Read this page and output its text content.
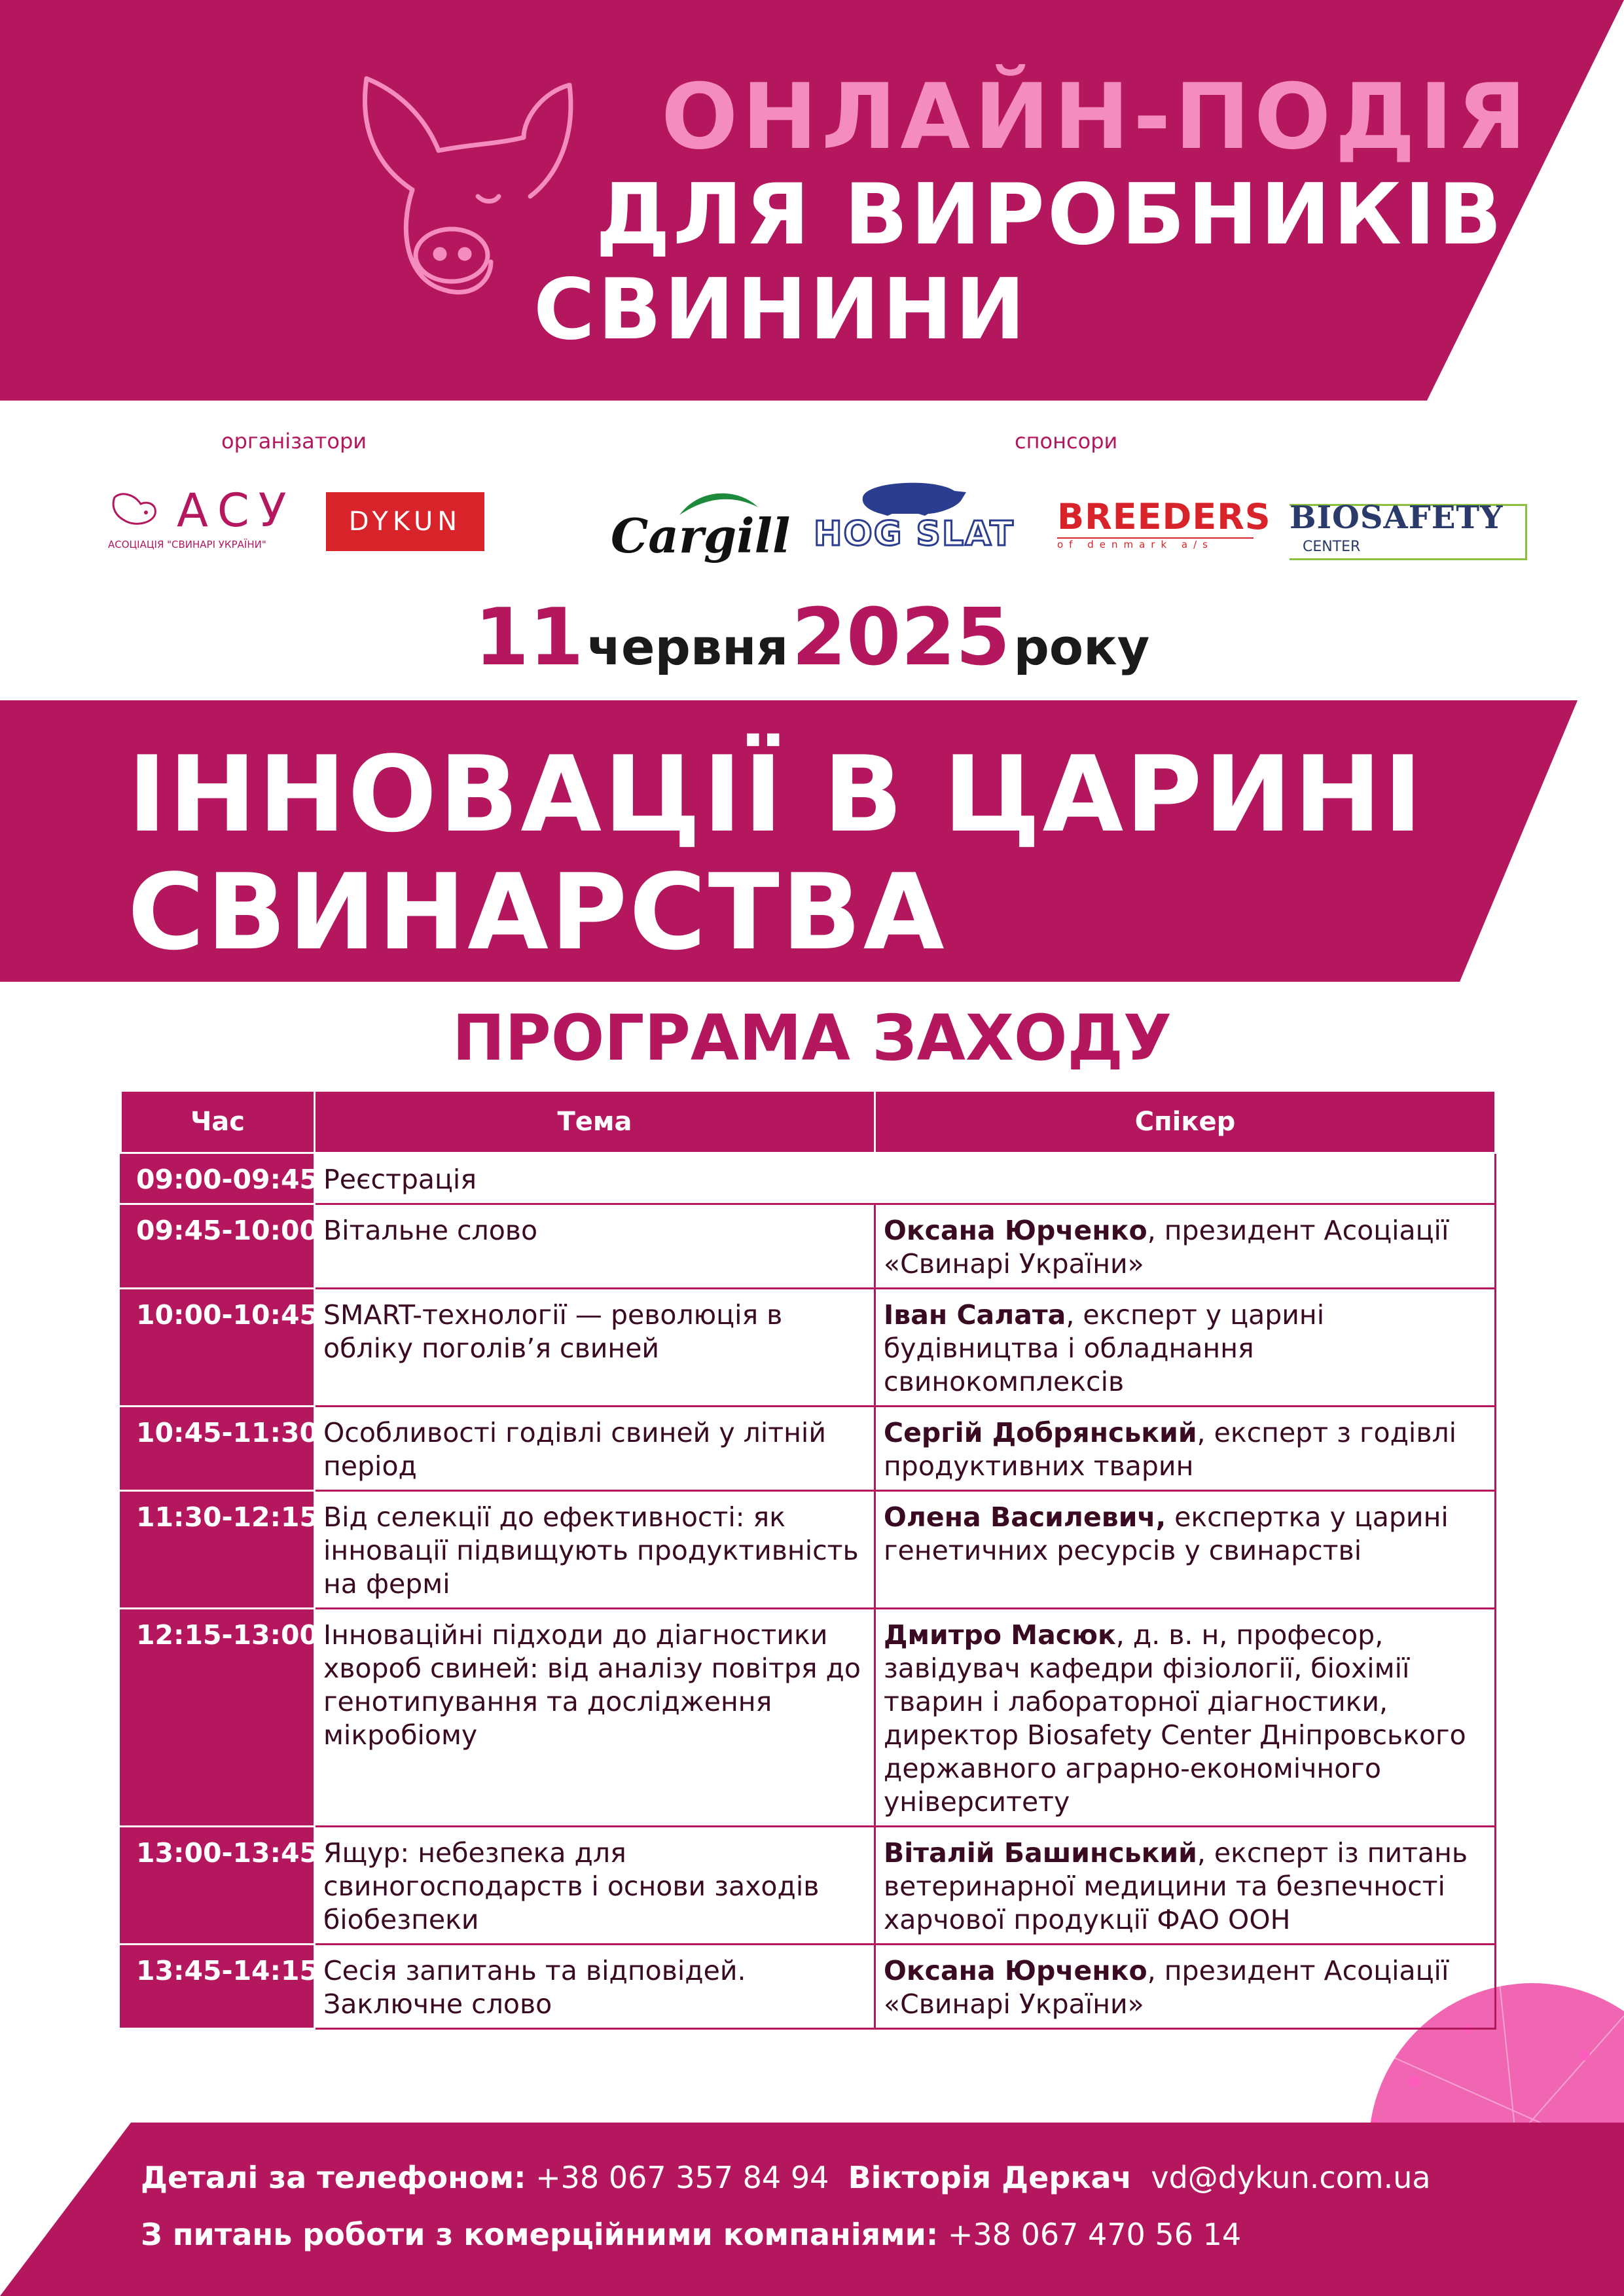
ОНЛАЙН-ПОДІЯ
ДЛЯ ВИРОБНИКІВ
СВИНИНИ
організатори	спонсори
АСУ
АСОЦІАЦІЯ "СВИНАРІ УКРАЇНИ"
DYKUN	Cargill HOG SLAT BREEDERS
of denmark a/s
BIOSAFETY
CENTER
11 червня 2025 року
ІННОВАЦІЇ В ЦАРИНІ
СВИНАРСТВА
ПРОГРАМА ЗАХОДУ
Час	Тема	Спікер
09:00-09:45	Реєстрація	
09:45-10:00	Вітальне слово	Оксана Юрченко, президент Асоціації «Свинарі України»
10:00-10:45	SMART-технології — революція в обліку поголів’я свиней	Іван Салата, експерт у царині будівництва і обладнання свинокомплексів
10:45-11:30	Особливості годівлі свиней у літній період	Сергій Добрянський, експерт з годівлі продуктивних тварин
11:30-12:15	Від селекції до ефективності: як інновації підвищують продуктивність на фермі	Олена Василевич, експертка у царині генетичних ресурсів у свинарстві
12:15-13:00	Інноваційні підходи до діагностики хвороб свиней: від аналізу повітря до генотипування та дослідження мікробіому	Дмитро Масюк, д. в. н, професор, завідувач кафедри фізіології, біохімії тварин і лабораторної діагностики, директор Biosafety Center Дніпровського державного аграрно-економічного університету
13:00-13:45	Ящур: небезпека для свиногосподарств і основи заходів біобезпеки	Віталій Башинський, експерт із питань ветеринарної медицини та безпечності харчової продукції ФАО ООН
13:45-14:15	Сесія запитань та відповідей. Заключне слово	Оксана Юрченко, президент Асоціації «Свинарі України»
Деталі за телефоном: +38 067 357 84 94 Вікторія Деркач vd@dykun.com.ua
З питань роботи з комерційними компаніями: +38 067 470 56 14
